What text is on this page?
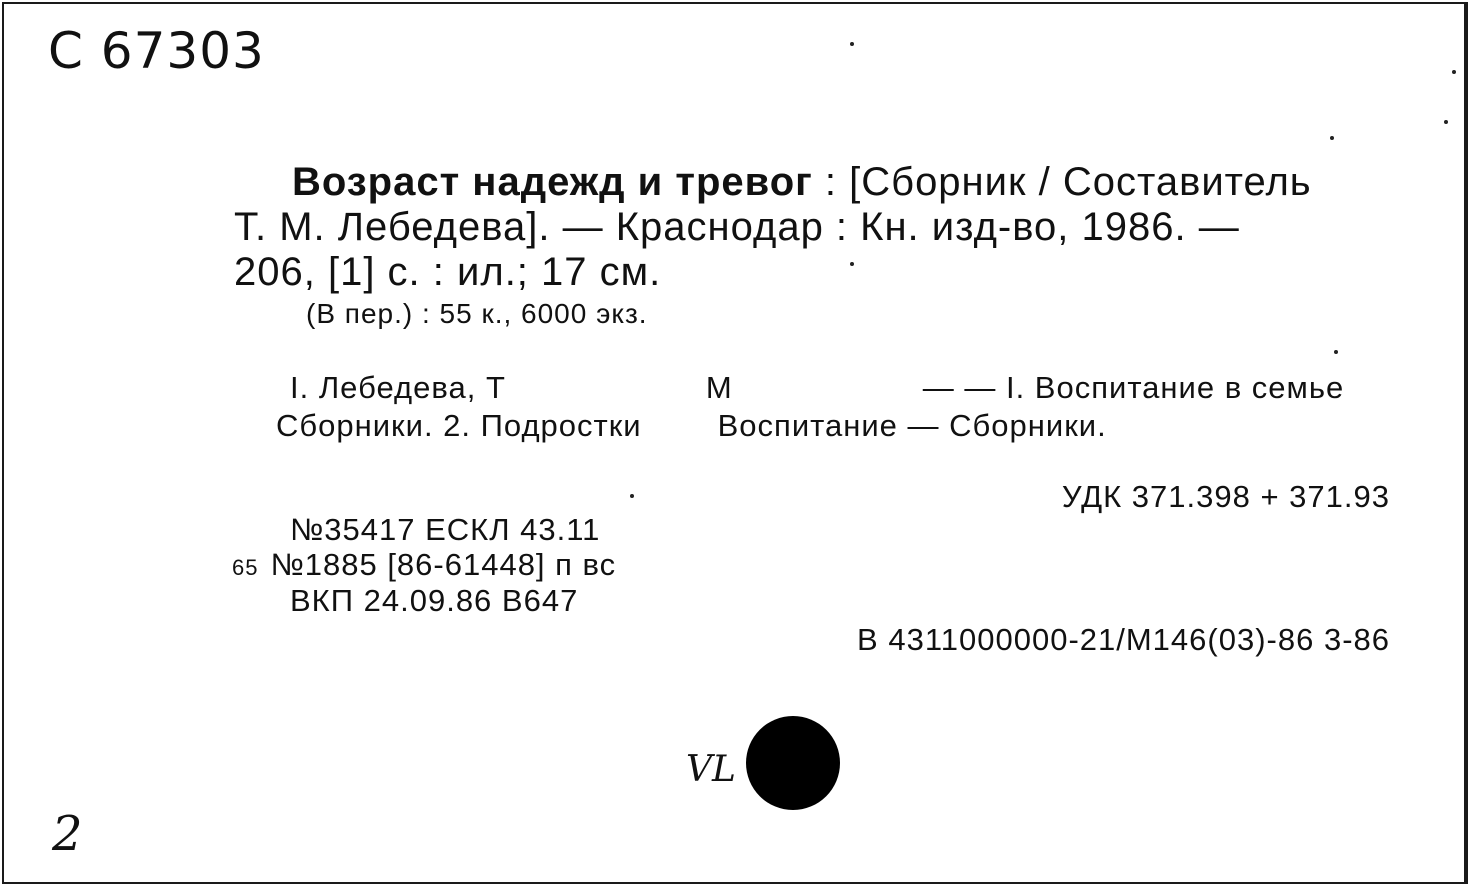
C 67303
Возраст надежд и тревог : [Сборник / Составитель
Т. М. Лебедева]. — Краснодар : Кн. изд-во, 1986. —
206, [1] с. : ил.; 17 см.
(В пер.) : 55 к., 6000 экз.
I. Лебедева, Т	М	— — I. Воспитание в семье
Сборники. 2. Подростки Воспитание — Сборники.
УДК 371.398 + 371.93
№35417 ЕСКЛ 43.11
65 №1885 [86-61448] п вс
ВКП 24.09.86 В647
В 4311000000-21/М146(03)-86 3-86
VL
2
